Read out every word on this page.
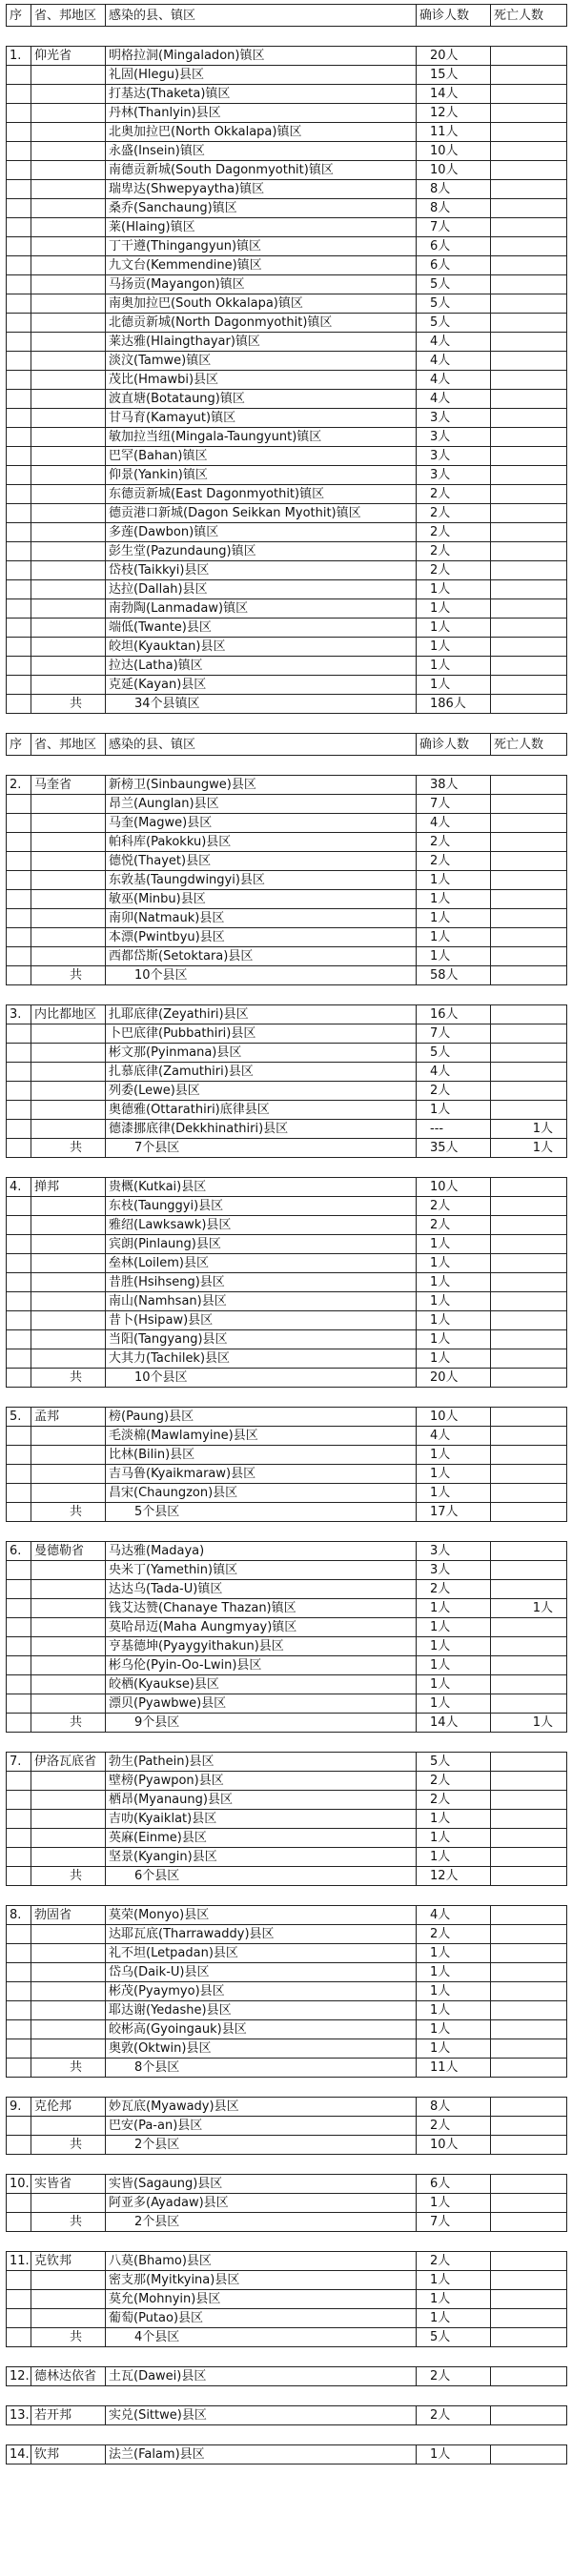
序	省、邦地区	感染的县、镇区	确诊人数	死亡人数

1.	仰光省	明格拉洞(Mingaladon)镇区	20人	
		礼固(Hlegu)县区	15人	
		打基达(Thaketa)镇区	14人	
		丹林(Thanlyin)县区	12人	
		北奥加拉巴(North Okkalapa)镇区	11人	
		永盛(Insein)镇区	10人	
		南德贡新城(South Dagonmyothit)镇区	10人	
		瑞卑达(Shwepyaytha)镇区	8人	
		桑乔(Sanchaung)镇区	8人	
		莱(Hlaing)镇区	7人	
		丁干遵(Thingangyun)镇区	6人	
		九文台(Kemmendine)镇区	6人	
		马扬贡(Mayangon)镇区	5人	
		南奥加拉巴(South Okkalapa)镇区	5人	
		北德贡新城(North Dagonmyothit)镇区	5人	
		莱达雅(Hlaingthayar)镇区	4人	
		淡汶(Tamwe)镇区	4人	
		茂比(Hmawbi)县区	4人	
		波直塘(Botataung)镇区	4人	
		甘马育(Kamayut)镇区	3人	
		敏加拉当纽(Mingala-Taungyunt)镇区	3人	
		巴罕(Bahan)镇区	3人	
		仰景(Yankin)镇区	3人	
		东德贡新城(East Dagonmyothit)镇区	2人	
		德贡港口新城(Dagon Seikkan Myothit)镇区	2人	
		多莲(Dawbon)镇区	2人	
		彭生堂(Pazundaung)镇区	2人	
		岱枝(Taikkyi)县区	2人	
		达拉(Dallah)县区	1人	
		南勃陶(Lanmadaw)镇区	1人	
		端低(Twante)县区	1人	
		皎坦(Kyauktan)县区	1人	
		拉达(Latha)镇区	1人	
		克延(Kayan)县区	1人	
	共	34个县镇区	186人	

序	省、邦地区	感染的县、镇区	确诊人数	死亡人数

2.	马奎省	新榜卫(Sinbaungwe)县区	38人	
		昂兰(Aunglan)县区	7人	
		马奎(Magwe)县区	4人	
		帕科库(Pakokku)县区	2人	
		德悦(Thayet)县区	2人	
		东敦基(Taungdwingyi)县区	1人	
		敏巫(Minbu)县区	1人	
		南卯(Natmauk)县区	1人	
		本漂(Pwintbyu)县区	1人	
		西都岱斯(Setoktara)县区	1人	
	共	10个县区	58人	

3.	内比都地区	扎耶底律(Zeyathiri)县区	16人	
		卜巴底律(Pubbathiri)县区	7人	
		彬文那(Pyinmana)县区	5人	
		扎慕底律(Zamuthiri)县区	4人	
		列委(Lewe)县区	2人	
		奥德雅(Ottarathiri)底律县区	1人	
		德漆挪底律(Dekkhinathiri)县区	---	1人
	共	7个县区	35人	1人

4.	掸邦	贵概(Kutkai)县区	10人	
		东枝(Taunggyi)县区	2人	
		雅绍(Lawksawk)县区	2人	
		宾朗(Pinlaung)县区	1人	
		垒林(Loilem)县区	1人	
		昔胜(Hsihseng)县区	1人	
		南山(Namhsan)县区	1人	
		昔卜(Hsipaw)县区	1人	
		当阳(Tangyang)县区	1人	
		大其力(Tachilek)县区	1人	
	共	10个县区	20人	

5.	孟邦	榜(Paung)县区	10人	
		毛淡棉(Mawlamyine)县区	4人	
		比林(Bilin)县区	1人	
		吉马鲁(Kyaikmaraw)县区	1人	
		昌宋(Chaungzon)县区	1人	
	共	5个县区	17人	

6.	曼德勒省	马达雅(Madaya)	3人	
		央米丁(Yamethin)镇区	3人	
		达达乌(Tada-U)镇区	2人	
		钱艾达赞(Chanaye Thazan)镇区	1人	1人
		莫哈昂迈(Maha Aungmyay)镇区	1人	
		亨基德坤(Pyaygyithakun)县区	1人	
		彬乌伦(Pyin-Oo-Lwin)县区	1人	
		皎栖(Kyaukse)县区	1人	
		漂贝(Pyawbwe)县区	1人	
	共	9个县区	14人	1人

7.	伊洛瓦底省	勃生(Pathein)县区	5人	
		壁榜(Pyawpon)县区	2人	
		栖昂(Myanaung)县区	2人	
		吉叻(Kyaiklat)县区	1人	
		英麻(Einme)县区	1人	
		坚景(Kyangin)县区	1人	
	共	6个县区	12人	

8.	勃固省	莫荣(Monyo)县区	4人	
		达耶瓦底(Tharrawaddy)县区	2人	
		礼不坦(Letpadan)县区	1人	
		岱乌(Daik-U)县区	1人	
		彬茂(Pyaymyo)县区	1人	
		耶达谢(Yedashe)县区	1人	
		皎彬高(Gyoingauk)县区	1人	
		奥敦(Oktwin)县区	1人	
	共	8个县区	11人	

9.	克伦邦	妙瓦底(Myawady)县区	8人	
		巴安(Pa-an)县区	2人	
	共	2个县区	10人	

10.	实皆省	实皆(Sagaung)县区	6人	
		阿亚多(Ayadaw)县区	1人	
	共	2个县区	7人	

11.	克钦邦	八莫(Bhamo)县区	2人	
		密支那(Myitkyina)县区	1人	
		莫允(Mohnyin)县区	1人	
		葡萄(Putao)县区	1人	
	共	4个县区	5人	

12.	德林达依省	土瓦(Dawei)县区	2人	

13.	若开邦	实兑(Sittwe)县区	2人	

14.	钦邦	法兰(Falam)县区	1人	
